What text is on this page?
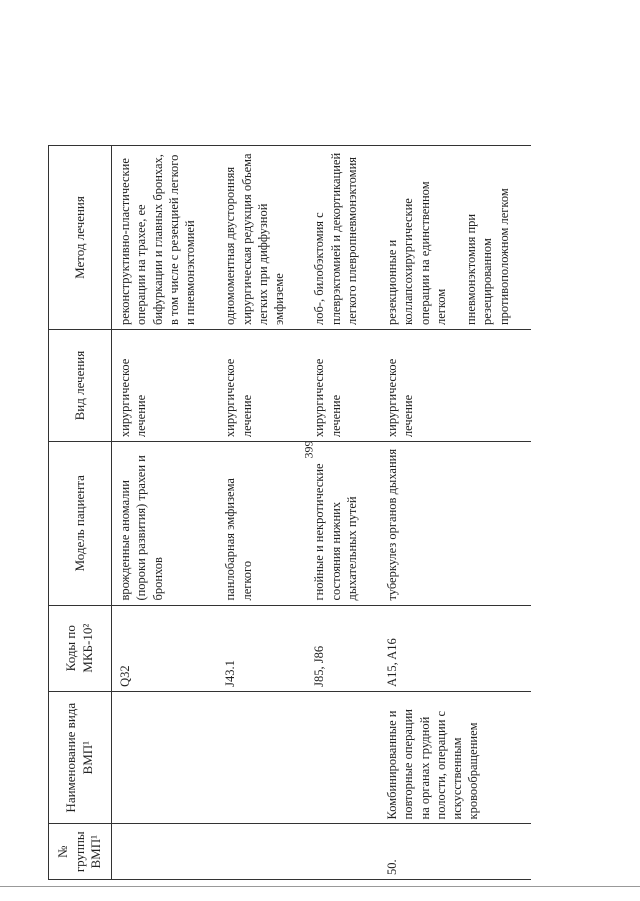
399
№ группы ВМП¹	Наименование вида ВМП¹	Коды по МКБ-10²	Модель пациента	Вид лечения	Метод лечения
		Q32	врожденные аномалии (пороки развития) трахеи и бронхов	хирургическое лечение	реконструктивно-пластические операции на трахее, ее бифуркации и главных бронхах, в том числе с резекцией легкого и пневмонэктомией

		J43.1	панлобарная эмфизема легкого	хирургическое лечение	одномоментная двусторонняя хирургическая редукция объема легких при диффузной эмфиземе

		J85, J86	гнойные и некротические состояния нижних дыхательных путей	хирургическое лечение	лоб-, билобэктомия с плеврэктомией и декортикацией легкого плевропневмонэктомия

50.	Комбинированные и повторные операции на органах грудной полости, операции с искусственным кровообращением	A15, A16	туберкулез органов дыхания	хирургическое лечение	резекционные и коллапсохирургические операции на единственном легком пневмонэктомия при резецированном противоположном легком
